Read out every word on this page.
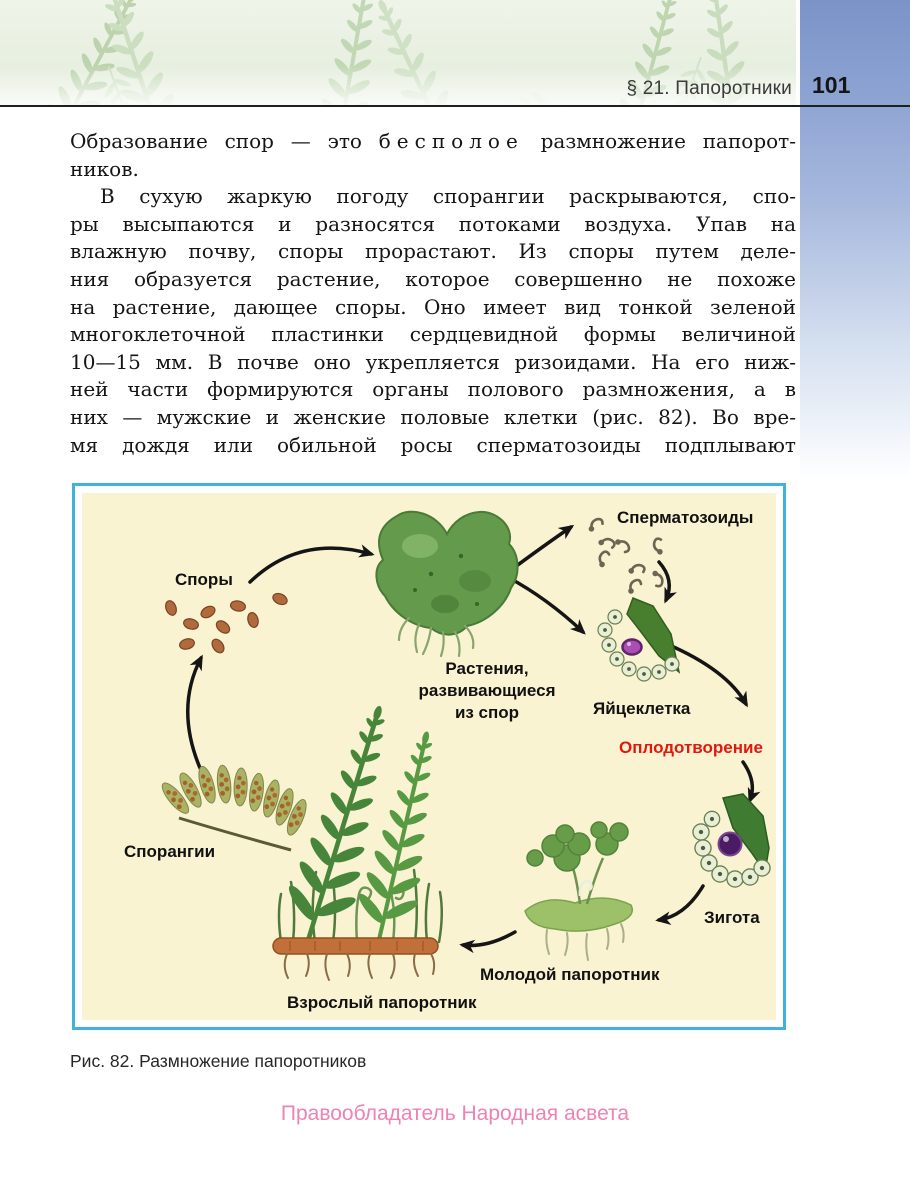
§ 21. Папоротники 101
Образование спор — это бесполое размножение папорот-
ников.
В сухую жаркую погоду спорангии раскрываются, спо-
ры высыпаются и разносятся потоками воздуха. Упав на
влажную почву, споры прорастают. Из споры путем деле-
ния образуется растение, которое совершенно не похоже
на растение, дающее споры. Оно имеет вид тонкой зеленой
многоклеточной пластинки сердцевидной формы величиной
10—15 мм. В почве оно укрепляется ризоидами. На его ниж-
ней части формируются органы полового размножения, а в
них — мужские и женские половые клетки (рис. 82). Во вре-
мя дождя или обильной росы сперматозоиды подплывают
Споры
Сперматозоиды
Растения,
развивающиеся
из спор	Яйцеклетка
Оплодотворение
Спорангии
Зигота
Молодой папоротник
Взрослый папоротник
Рис. 82. Размножение папоротников
Правообладатель Народная асвета
